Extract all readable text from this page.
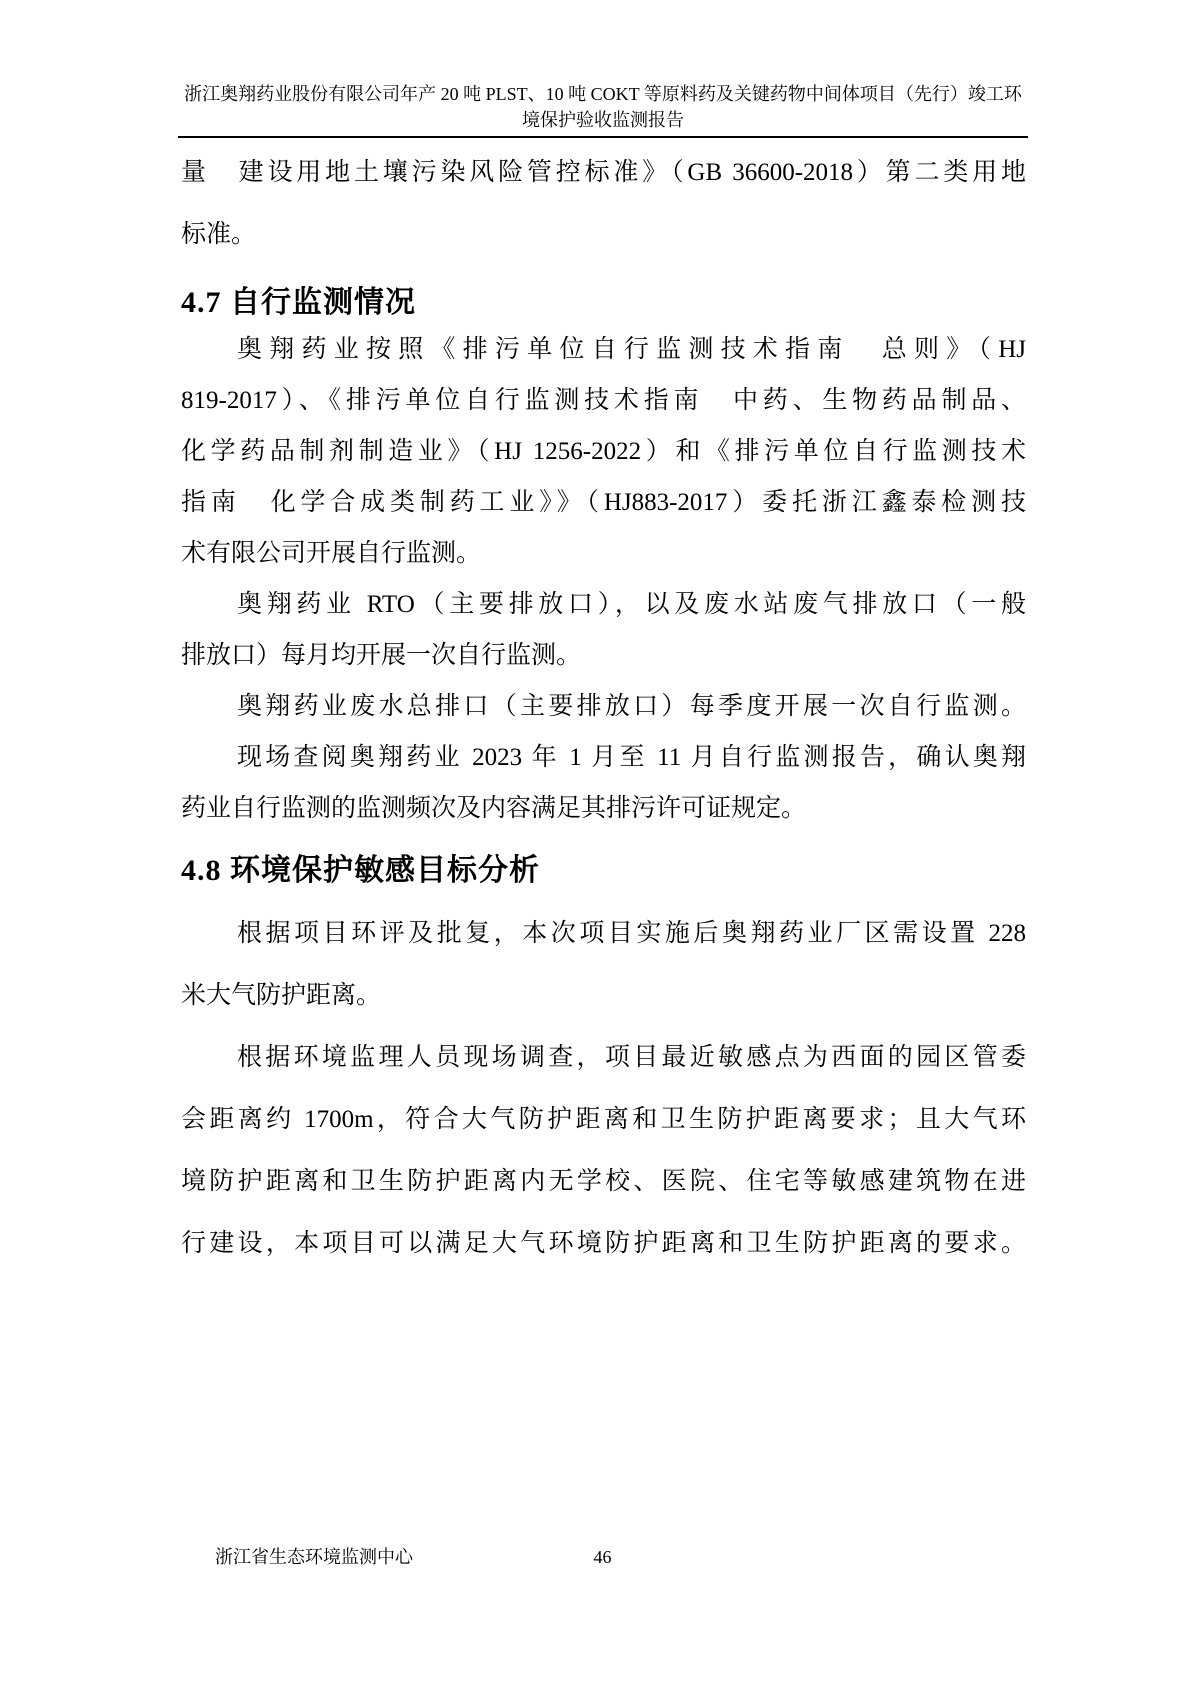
浙江奥翔药业股份有限公司年产 20 吨 PLST、10 吨 COKT 等原料药及关键药物中间体项目（先行）竣工环
境保护验收监测报告
量　建设用地土壤污染风险管控标准》（GB 36600-2018）第二类用地
标准。
4.7 自行监测情况
奥翔药业按照《排污单位自行监测技术指南　总则》（HJ
819-2017）、《排污单位自行监测技术指南　中药、生物药品制品、
化学药品制剂制造业》（HJ 1256-2022）和《排污单位自行监测技术
指南　化学合成类制药工业》》（HJ883-2017）委托浙江鑫泰检测技
术有限公司开展自行监测。
奥翔药业 RTO（主要排放口），以及废水站废气排放口（一般
排放口）每月均开展一次自行监测。
奥翔药业废水总排口（主要排放口）每季度开展一次自行监测。
现场查阅奥翔药业 2023 年 1 月至 11 月自行监测报告，确认奥翔
药业自行监测的监测频次及内容满足其排污许可证规定。
4.8 环境保护敏感目标分析
根据项目环评及批复，本次项目实施后奥翔药业厂区需设置 228
米大气防护距离。
根据环境监理人员现场调查，项目最近敏感点为西面的园区管委
会距离约 1700m，符合大气防护距离和卫生防护距离要求；且大气环
境防护距离和卫生防护距离内无学校、医院、住宅等敏感建筑物在进
行建设，本项目可以满足大气环境防护距离和卫生防护距离的要求。
浙江省生态环境监测中心	46
